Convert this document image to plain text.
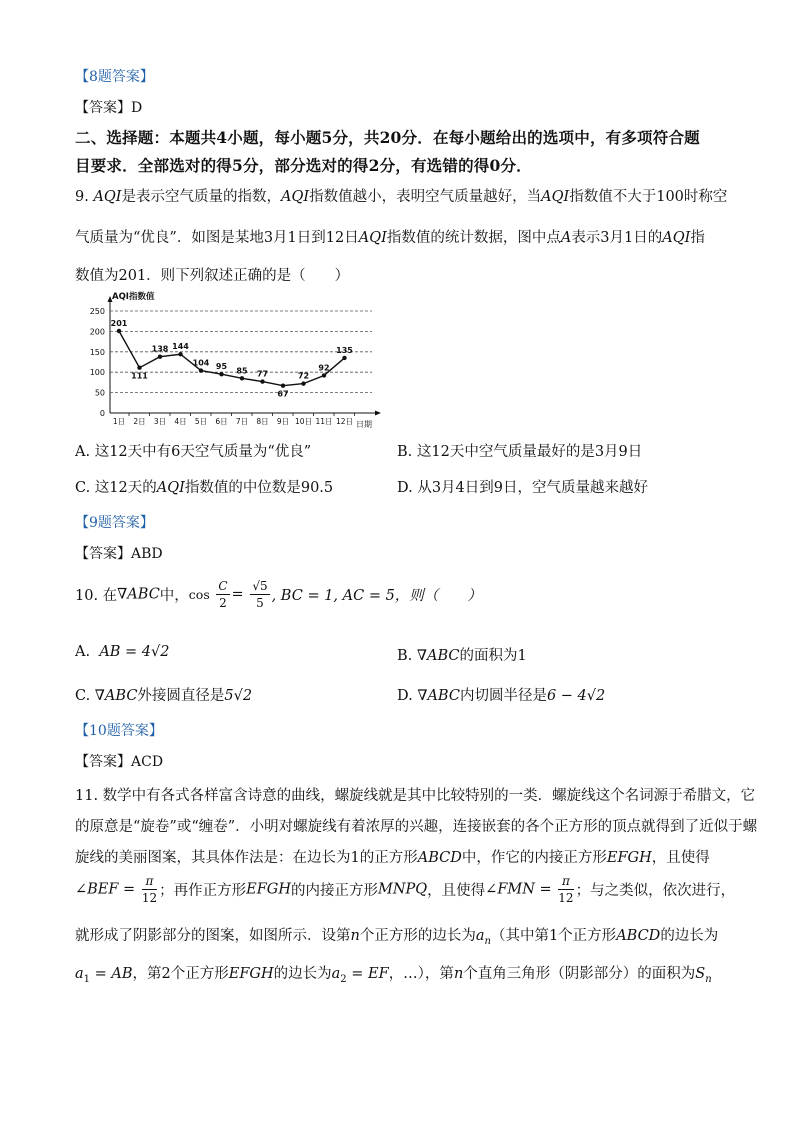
【8题答案】
【答案】D
二、选择题：本题共4小题，每小题5分，共20分．在每小题给出的选项中，有多项符合题
目要求．全部选对的得5分，部分选对的得2分，有选错的得0分．
9. AQI是表示空气质量的指数，AQI指数值越小，表明空气质量越好，当AQI指数值不大于100时称空
气质量为“优良”．如图是某地3月1日到12日AQI指数值的统计数据，图中点A表示3月1日的AQI指
数值为201．则下列叙述正确的是（　　）
AQI指数值
0
50
100
150
200
250
1日 2日 3日 4日 5日 6日 7日 8日 9日 10日 11日 12日
201
111
138 144
104 95 85 77
67
72
92
135
日期
A. 这12天中有6天空气质量为“优良”	B. 这12天中空气质量最好的是3月9日
C. 这12天的AQI指数值的中位数是90.5	D. 从3月4日到9日，空气质量越来越好
【9题答案】
【答案】ABD
10. 在∇ABC中，$\cos \frac{C}{2} = \frac{√5}{5}$ , BC = 1, AC = 5，则（　　）
A. AB = 4√2	B. ∇ABC的面积为1
C. ∇ABC外接圆直径是5√2	D. ∇ABC内切圆半径是6 − 4√2
【10题答案】
【答案】ACD
11. 数学中有各式各样富含诗意的曲线，螺旋线就是其中比较特别的一类．螺旋线这个名词源于希腊文，它
的原意是“旋卷”或“缠卷”．小明对螺旋线有着浓厚的兴趣，连接嵌套的各个正方形的顶点就得到了近似于螺
旋线的美丽图案，其具体作法是：在边长为1的正方形ABCD中，作它的内接正方形EFGH，且使得
∠BEF = $\frac{\pi}{12}$ ；再作正方形EFGH的内接正方形MNPQ，且使得∠FMN = $\frac{\pi}{12}$ ；与之类似，依次进行，
就形成了阴影部分的图案，如图所示．设第n个正方形的边长为$a_n$（其中第1个正方形ABCD的边长为
$a_1$ = AB，第2个正方形EFGH的边长为$a_2$ = EF，…），第n个直角三角形（阴影部分）的面积为$S_n$
